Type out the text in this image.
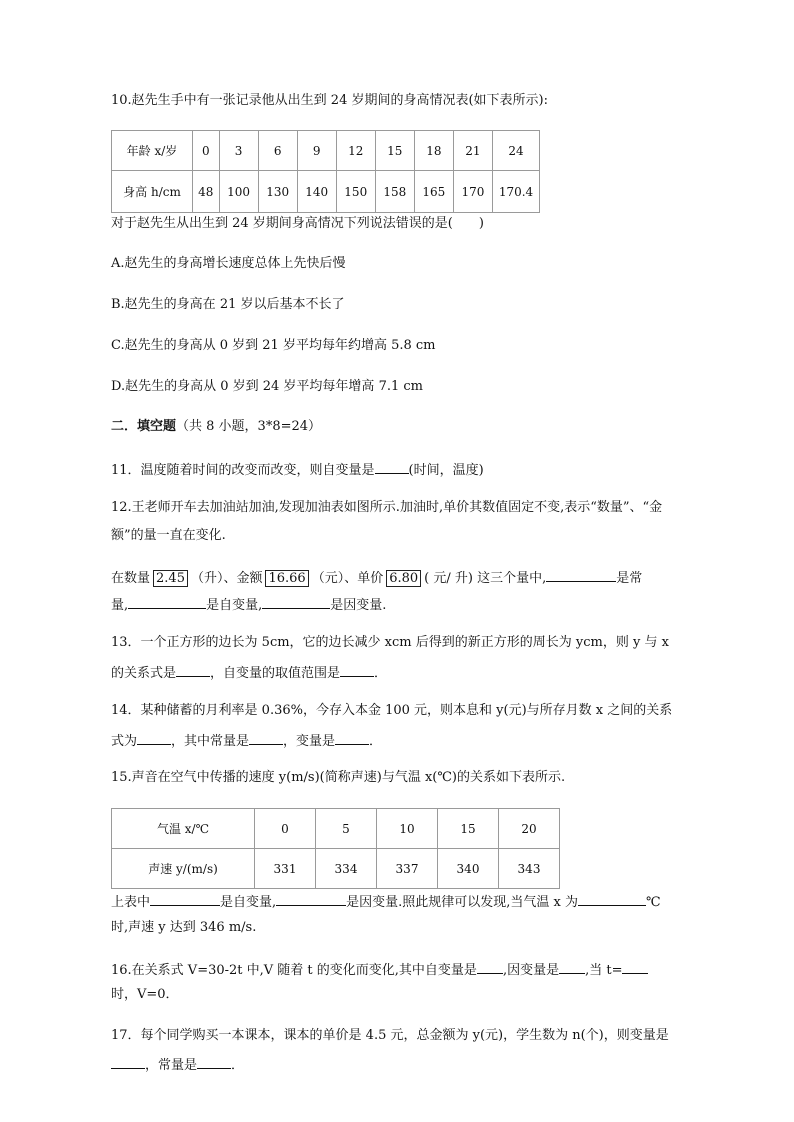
10.赵先生手中有一张记录他从出生到 24 岁期间的身高情况表(如下表所示):
年龄 x/岁	0	3	6	9	12	15	18	21	24
身高 h/cm	48	100	130	140	150	158	165	170	170.4
对于赵先生从出生到 24 岁期间身高情况下列说法错误的是(　　)
A.赵先生的身高增长速度总体上先快后慢
B.赵先生的身高在 21 岁以后基本不长了
C.赵先生的身高从 0 岁到 21 岁平均每年约增高 5.8 cm
D.赵先生的身高从 0 岁到 24 岁平均每年增高 7.1 cm
二．填空题（共 8 小题，3*8=24）
11．温度随着时间的改变而改变，则自变量是	(时间，温度)
12.王老师开车去加油站加油,发现加油表如图所示.加油时,单价其数值固定不变,表示“数量”、“金
额”的量一直在变化.
在数量 2.45 （升）、金额 16.66 （元）、单价 6.80 ( 元/ 升) 这三个量中,	是常
量,	是自变量,	是因变量.
13．一个正方形的边长为 5cm，它的边长减少 xcm 后得到的新正方形的周长为 ycm，则 y 与 x
的关系式是	，自变量的取值范围是	．
14．某种储蓄的月利率是 0.36%，今存入本金 100 元，则本息和 y(元)与所存月数 x 之间的关系
式为	，其中常量是	，变量是	．
15.声音在空气中传播的速度 y(m/s)(简称声速)与气温 x(℃)的关系如下表所示.
气温 x/℃	0	5	10	15	20
声速 y/(m/s)	331	334	337	340	343
上表中	是自变量,	是因变量.照此规律可以发现,当气温 x 为	℃
时,声速 y 达到 346 m/s.
16.在关系式 V=30-2t 中,V 随着 t 的变化而变化,其中自变量是 ,因变量是 ,当 t=
时，V=0．
17．每个同学购买一本课本，课本的单价是 4.5 元，总金额为 y(元)，学生数为 n(个)，则变量是
，常量是	．
